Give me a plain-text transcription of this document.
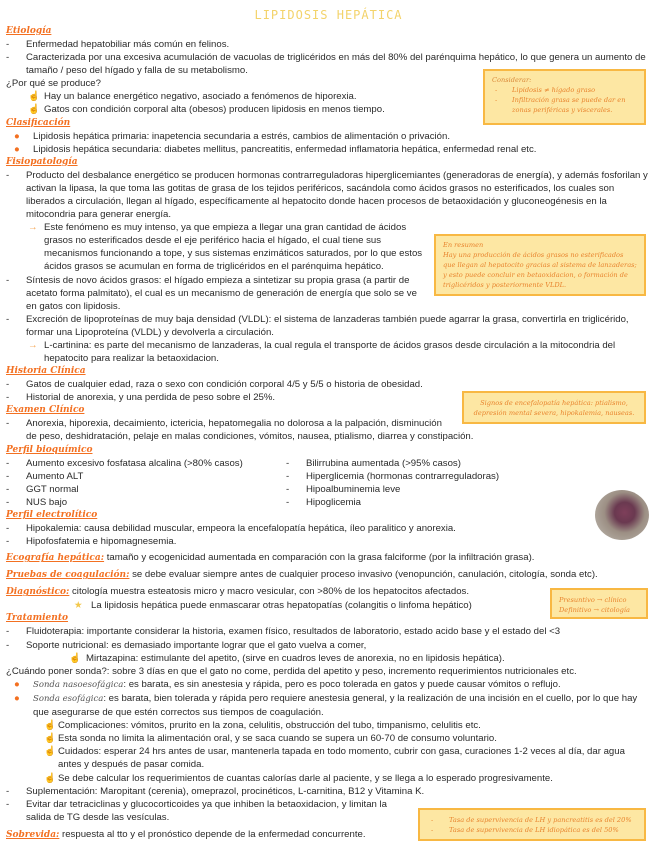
LIPIDOSIS HEPÁTICA
Etiología
- Enfermedad hepatobiliar más común en felinos.
- Caracterizada por una excesiva acumulación de vacuolas de triglicéridos en más del 80% del parénquima hepático, lo que genera un aumento de tamaño / peso del hígado y falla de su metabolismo.
¿Por qué se produce?
☝ Hay un balance energético negativo, asociado a fenómenos de hiporexia.
☝ Gatos con condición corporal alta (obesos) producen lipidosis en menos tiempo.
Clasificación
● Lipidosis hepática primaria: inapetencia secundaria a estrés, cambios de alimentación o privación.
● Lipidosis hepática secundaria: diabetes mellitus, pancreatitis, enfermedad inflamatoria hepática, enfermedad renal etc.
Fisiopatología
- Producto del desbalance energético se producen hormonas contrarreguladoras hiperglicemiantes (generadoras de energía), y además fosforilan y activan la lipasa, la que toma las gotitas de grasa de los tejidos periféricos, sacándola como ácidos grasos no esterificados, los cuales son liberados a circulación, llegan al hígado, específicamente al hepatocito donde hacen procesos de betaoxidación y gluconeogénesis en la mitocondria para generar energía.
→
En resumen
Hay una producción de ácidos grasos no esterificados que llegan al hepatocito gracias al sistema de lanzaderas; y esto puede concluir en betaoxidacion, o formación de triglicéridos y posteriormente VLDL.
Este fenómeno es muy intenso, ya que empieza a llegar una gran cantidad de ácidos grasos no esterificados desde el eje periférico hacia el hígado, el cual tiene sus mecanismos funcionando a tope, y sus sistemas enzimáticos saturados, por lo que estos ácidos grasos se acumulan en forma de triglicéridos en el parénquima hepático.
- Síntesis de novo ácidos grasos: el hígado empieza a sintetizar su propia grasa (a partir de acetato forma palmitato), el cual es un mecanismo de generación de energía que solo se ve en gatos con lipidosis.
- Excreción de lipoproteínas de muy baja densidad (VLDL): el sistema de lanzaderas también puede agarrar la grasa, convertirla en triglicérido, formar una Lipoproteína (VLDL) y devolverla a circulación.
→ L-cartinina: es parte del mecanismo de lanzaderas, la cual regula el transporte de ácidos grasos desde circulación a la mitocondria del hepatocito para realizar la betaoxidacion.
Historia Clínica
- Gatos de cualquier edad, raza o sexo con condición corporal 4/5 y 5/5 o historia de obesidad.
-	Signos de encefalopatía hepática: ptialismo, depresión mental severa, hipokalemia, nauseas.
Historial de anorexia, y una perdida de peso sobre el 25%.
Examen Clínico
- Anorexia, hiporexia, decaimiento, ictericia, hepatomegalia no dolorosa a la palpación, disminución de peso, deshidratación, pelaje en malas condiciones, vómitos, nausea, ptialismo, diarrea y constipación.
Perfil bioquímico
- Aumento excesivo fosfatasa alcalina (>80% casos)
- Aumento ALT
- GGT normal
- NUS bajo
- Bilirrubina aumentada (>95% casos)
- Hiperglicemia (hormonas contrarreguladoras)
- Hipoalbuminemia leve
- Hipoglicemia
Perfil electrolítico
- Hipokalemia: causa debilidad muscular, empeora la encefalopatía hepática, íleo paralitico y anorexia.
- Hipofosfatemia e hipomagnesemia.
Ecografía hepática: tamaño y ecogenicidad aumentada en comparación con la grasa falciforme (por la infiltración grasa).
Pruebas de coagulación: se debe evaluar siempre antes de cualquier proceso invasivo (venopunción, canulación, citología, sonda etc).
Diagnóstico: citología muestra esteatosis micro y macro vesicular, con >80% de los hepatocitos afectados.
★ La lipidosis hepática puede enmascarar otras hepatopatías (colangitis o linfoma hepático)
Tratamiento
- Fluidoterapia: importante considerar la historia, examen físico, resultados de laboratorio, estado acido base y el estado del <3
- Soporte nutricional: es demasiado importante lograr que el gato vuelva a comer,
☝ Mirtazapina: estimulante del apetito, (sirve en cuadros leves de anorexia, no en lipidosis hepática).
¿Cuándo poner sonda?: sobre 3 días en que el gato no come, perdida del apetito y peso, incremento requerimientos nutricionales etc.
● Sonda nasoesofágica: es barata, es sin anestesia y rápida, pero es poco tolerada en gatos y puede causar vómitos o reflujo.
● Sonda esofágica: es barata, bien tolerada y rápida pero requiere anestesia general, y la realización de una incisión en el cuello, por lo que hay que asegurarse de que estén correctos sus tiempos de coagulación.
☝ Complicaciones: vómitos, prurito en la zona, celulitis, obstrucción del tubo, timpanismo, celulitis etc.
☝ Esta sonda no limita la alimentación oral, y se saca cuando se supera un 60-70 de consumo voluntario.
☝ Cuidados: esperar 24 hrs antes de usar, mantenerla tapada en todo momento, cubrir con gasa, curaciones 1-2 veces al día, dar agua antes y después de pasar comida.
☝ Se debe calcular los requerimientos de cuantas calorías darle al paciente, y se llega a lo esperado progresivamente.
- Suplementación: Maropitant (cerenia), omeprazol, procinéticos, L-carnitina, B12 y Vitamina K.
- Evitar dar tetraciclinas y glucocorticoides ya que inhiben la betaoxidacion, y limitan la salida de TG desde las vesículas.
Sobrevida: respuesta al tto y el pronóstico depende de la enfermedad concurrente.
Considerar:
- Lipidosis ≠ hígado graso
- Infiltración grasa se puede dar en zonas periféricas y viscerales.
Presuntivo → clínico
Definitivo → citología
- Tasa de supervivencia de LH y pancreatitis es del 20%
- Tasa de supervivencia de LH idiopática es del 50%
